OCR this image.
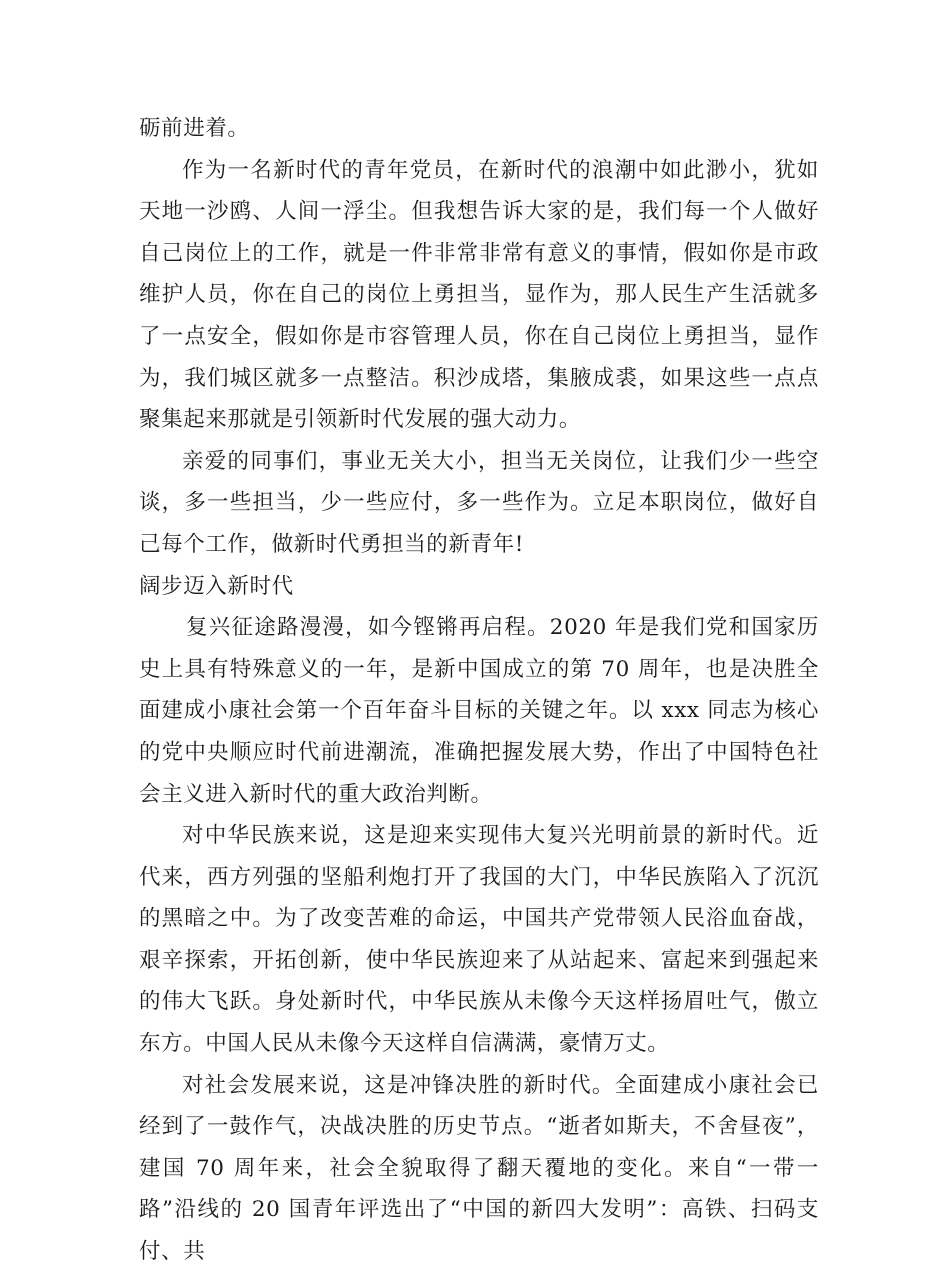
砺前进着。

作为一名新时代的青年党员，在新时代的浪潮中如此渺小，犹如天地一沙鸥、人间一浮尘。但我想告诉大家的是，我们每一个人做好自己岗位上的工作，就是一件非常非常有意义的事情，假如你是市政维护人员，你在自己的岗位上勇担当，显作为，那人民生产生活就多了一点安全，假如你是市容管理人员，你在自己岗位上勇担当，显作为，我们城区就多一点整洁。积沙成塔，集腋成裘，如果这些一点点聚集起来那就是引领新时代发展的强大动力。

亲爱的同事们，事业无关大小，担当无关岗位，让我们少一些空谈，多一些担当，少一些应付，多一些作为。立足本职岗位，做好自己每个工作，做新时代勇担当的新青年!

阔步迈入新时代

复兴征途路漫漫，如今铿锵再启程。2020 年是我们党和国家历史上具有特殊意义的一年，是新中国成立的第 70 周年，也是决胜全面建成小康社会第一个百年奋斗目标的关键之年。以 xxx 同志为核心的党中央顺应时代前进潮流，准确把握发展大势，作出了中国特色社会主义进入新时代的重大政治判断。

对中华民族来说，这是迎来实现伟大复兴光明前景的新时代。近代来，西方列强的坚船利炮打开了我国的大门，中华民族陷入了沉沉的黑暗之中。为了改变苦难的命运，中国共产党带领人民浴血奋战，艰辛探索，开拓创新，使中华民族迎来了从站起来、富起来到强起来的伟大飞跃。身处新时代，中华民族从未像今天这样扬眉吐气，傲立东方。中国人民从未像今天这样自信满满，豪情万丈。

对社会发展来说，这是冲锋决胜的新时代。全面建成小康社会已经到了一鼓作气，决战决胜的历史节点。“逝者如斯夫，不舍昼夜”，建国 70 周年来，社会全貌取得了翻天覆地的变化。来自“一带一路”沿线的 20 国青年评选出了“中国的新四大发明”：高铁、扫码支付、共
